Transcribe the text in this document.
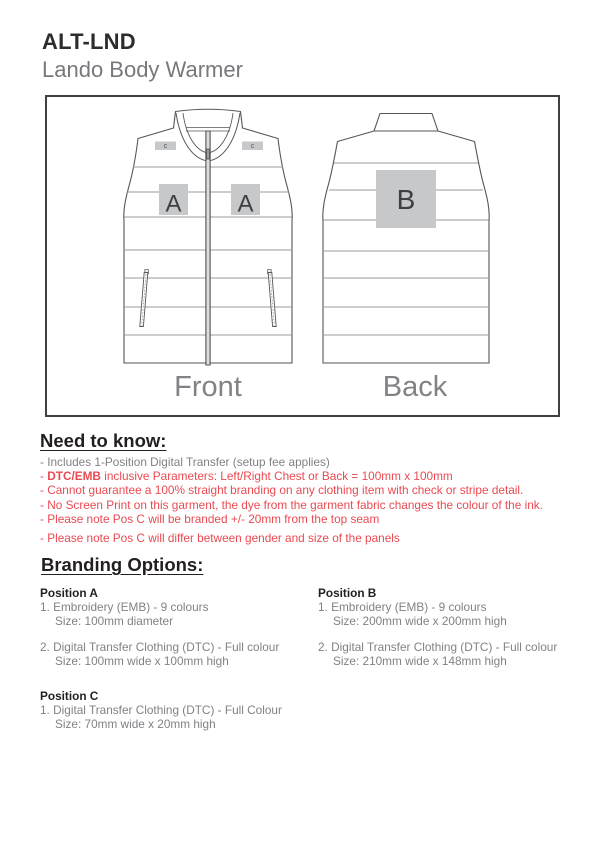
ALT-LND
Lando Body Warmer
c	c
A A	B
Front	Back
Need to know:
- Includes 1-Position Digital Transfer (setup fee applies)
- DTC/EMB inclusive Parameters: Left/Right Chest or Back = 100mm x 100mm
- Cannot guarantee a 100% straight branding on any clothing item with check or stripe detail.
- No Screen Print on this garment, the dye from the garment fabric changes the colour of the ink.
- Please note Pos C will be branded +/- 20mm from the top seam
- Please note Pos C will differ between gender and size of the panels
Branding Options:
Position A
1. Embroidery (EMB) - 9 colours
Size: 100mm diameter
2. Digital Transfer Clothing (DTC) - Full colour
Size: 100mm wide x 100mm high
Position B
1. Embroidery (EMB) - 9 colours
Size: 200mm wide x 200mm high
2. Digital Transfer Clothing (DTC) - Full colour
Size: 210mm wide x 148mm high
Position C
1. Digital Transfer Clothing (DTC) - Full Colour
Size: 70mm wide x 20mm high
